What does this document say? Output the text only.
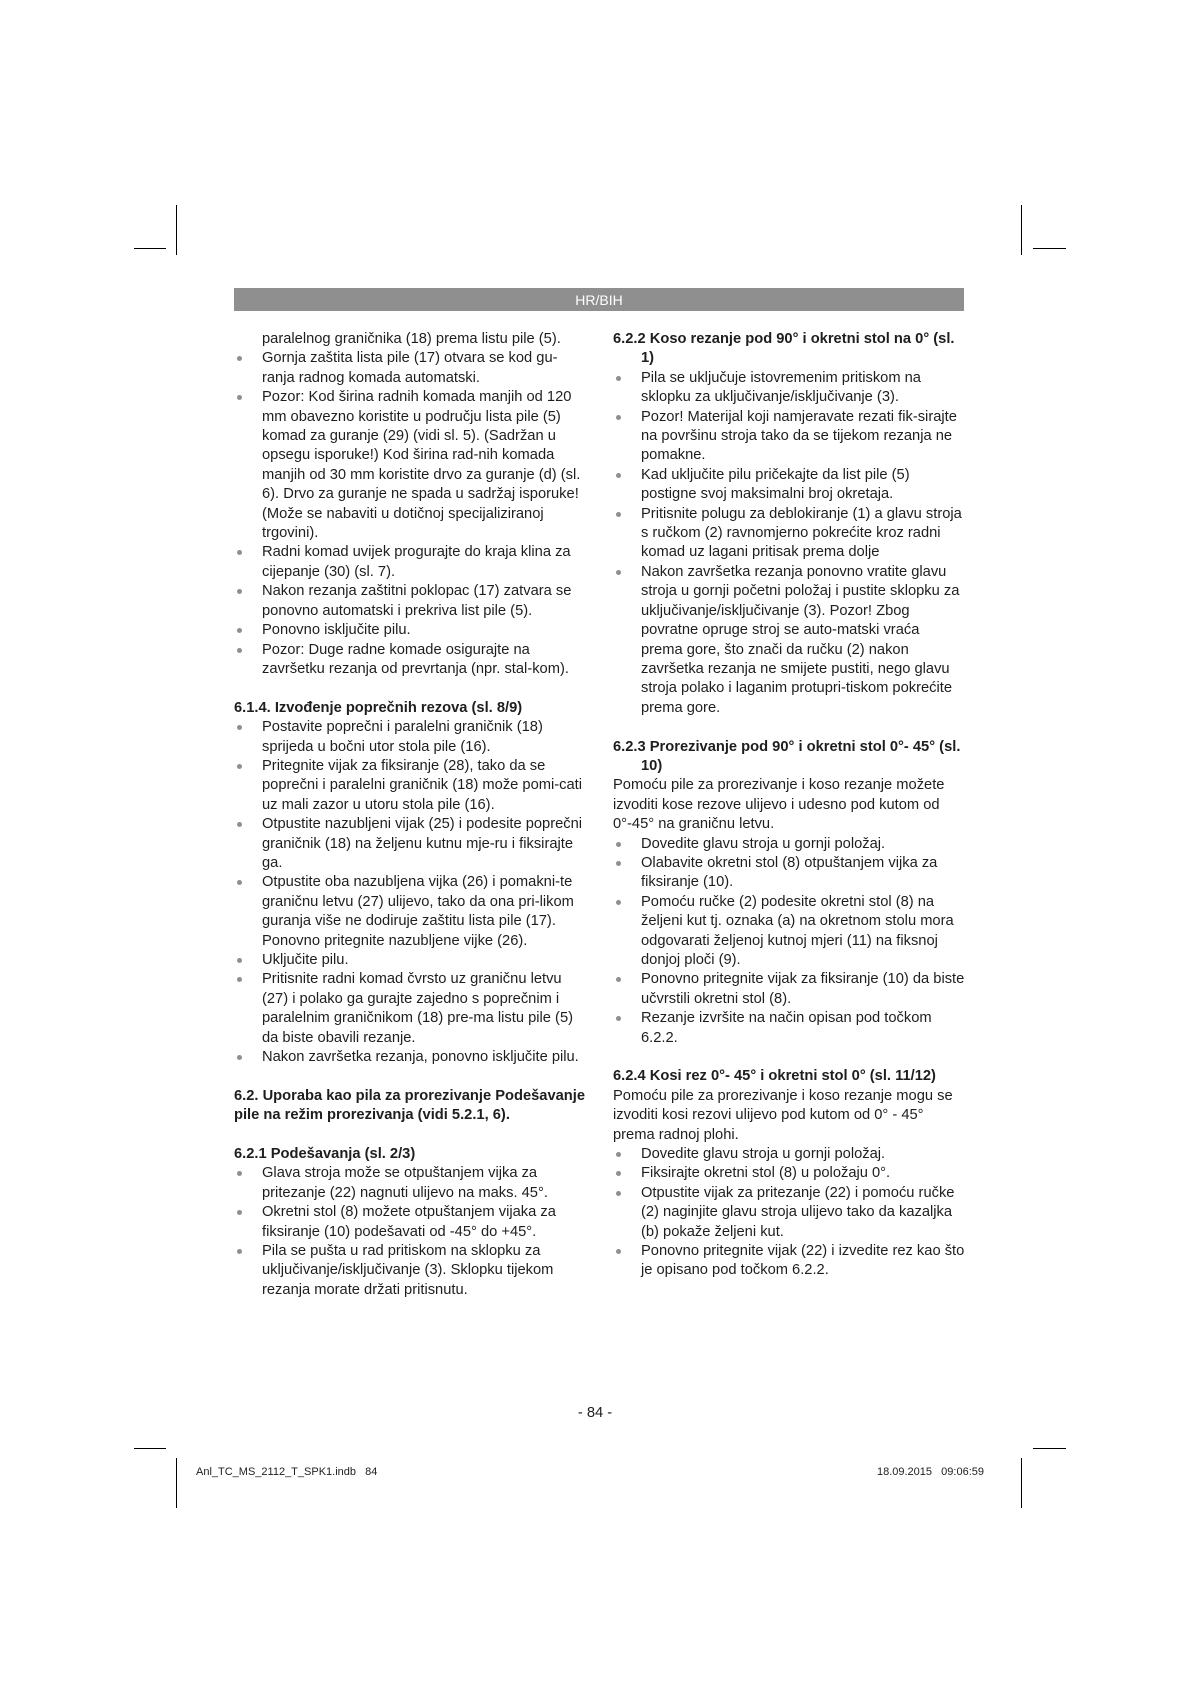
HR/BIH

paralelnog graničnika (18) prema listu pile (5).

Gornja zaštita lista pile (17) otvara se kod gu-ranja radnog komada automatski.
Pozor: Kod širina radnih komada manjih od 120 mm obavezno koristite u području lista pile (5) komad za guranje (29) (vidi sl. 5). (Sadržan u opsegu isporuke!) Kod širina rad-nih komada manjih od 30 mm koristite drvo za guranje (d) (sl. 6). Drvo za guranje ne spada u sadržaj isporuke! (Može se nabaviti u dotičnoj specijaliziranoj trgovini).
Radni komad uvijek progurajte do kraja klina za cijepanje (30) (sl. 7).
Nakon rezanja zaštitni poklopac (17) zatvara se ponovno automatski i prekriva list pile (5).
Ponovno isključite pilu.
Pozor: Duge radne komade osigurajte na završetku rezanja od prevrtanja (npr. stal-kom).
6.1.4. Izvođenje poprečnih rezova (sl. 8/9)
Postavite poprečni i paralelni graničnik (18) sprijeda u bočni utor stola pile (16).
Pritegnite vijak za fiksiranje (28), tako da se poprečni i paralelni graničnik (18) može pomi-cati uz mali zazor u utoru stola pile (16).
Otpustite nazubljeni vijak (25) i podesite poprečni graničnik (18) na željenu kutnu mje-ru i fiksirajte ga.
Otpustite oba nazubljena vijka (26) i pomakni-te graničnu letvu (27) ulijevo, tako da ona pri-likom guranja više ne dodiruje zaštitu lista pile (17). Ponovno pritegnite nazubljene vijke (26).
Uključite pilu.
Pritisnite radni komad čvrsto uz graničnu letvu (27) i polako ga gurajte zajedno s poprečnim i paralelnim graničnikom (18) pre-ma listu pile (5) da biste obavili rezanje.
Nakon završetka rezanja, ponovno isključite pilu.
6.2. Uporaba kao pila za prorezivanje Podešavanje pile na režim prorezivanja (vidi 5.2.1, 6).
6.2.1 Podešavanja (sl. 2/3)
Glava stroja može se otpuštanjem vijka za pritezanje (22) nagnuti ulijevo na maks. 45°.
Okretni stol (8) možete otpuštanjem vijaka za fiksiranje (10) podešavati od -45° do +45°.
Pila se pušta u rad pritiskom na sklopku za uključivanje/isključivanje (3). Sklopku tijekom rezanja morate držati pritisnutu.
6.2.2 Koso rezanje pod 90° i okretni stol na 0° (sl. 1)
Pila se uključuje istovremenim pritiskom na sklopku za uključivanje/isključivanje (3).
Pozor! Materijal koji namjeravate rezati fik-sirajte na površinu stroja tako da se tijekom rezanja ne pomakne.
Kad uključite pilu pričekajte da list pile (5) postigne svoj maksimalni broj okretaja.
Pritisnite polugu za deblokiranje (1) a glavu stroja s ručkom (2) ravnomjerno pokrećite kroz radni komad uz lagani pritisak prema dolje
Nakon završetka rezanja ponovno vratite glavu stroja u gornji početni položaj i pustite sklopku za uključivanje/isključivanje (3). Pozor! Zbog povratne opruge stroj se auto-matski vraća prema gore, što znači da ručku (2) nakon završetka rezanja ne smijete pustiti, nego glavu stroja polako i laganim protupri-tiskom pokrećite prema gore.
6.2.3 Prorezivanje pod 90° i okretni stol 0°- 45° (sl. 10)

Pomoću pile za prorezivanje i koso rezanje možete izvoditi kose rezove ulijevo i udesno pod kutom od 0°-45° na graničnu letvu.

Dovedite glavu stroja u gornji položaj.
Olabavite okretni stol (8) otpuštanjem vijka za fiksiranje (10).
Pomoću ručke (2) podesite okretni stol (8) na željeni kut tj. oznaka (a) na okretnom stolu mora odgovarati željenoj kutnoj mjeri (11) na fiksnoj donjoj ploči (9).
Ponovno pritegnite vijak za fiksiranje (10) da biste učvrstili okretni stol (8).
Rezanje izvršite na način opisan pod točkom 6.2.2.
6.2.4 Kosi rez 0°- 45° i okretni stol 0° (sl. 11/12)

Pomoću pile za prorezivanje i koso rezanje mogu se izvoditi kosi rezovi ulijevo pod kutom od 0° - 45° prema radnoj plohi.

Dovedite glavu stroja u gornji položaj.
Fiksirajte okretni stol (8) u položaju 0°.
Otpustite vijak za pritezanje (22) i pomoću ručke (2) naginjite glavu stroja ulijevo tako da kazaljka (b) pokaže željeni kut.
Ponovno pritegnite vijak (22) i izvedite rez kao što je opisano pod točkom 6.2.2.
- 84 -
Anl_TC_MS_2112_T_SPK1.indb   84	18.09.2015   09:06:59
